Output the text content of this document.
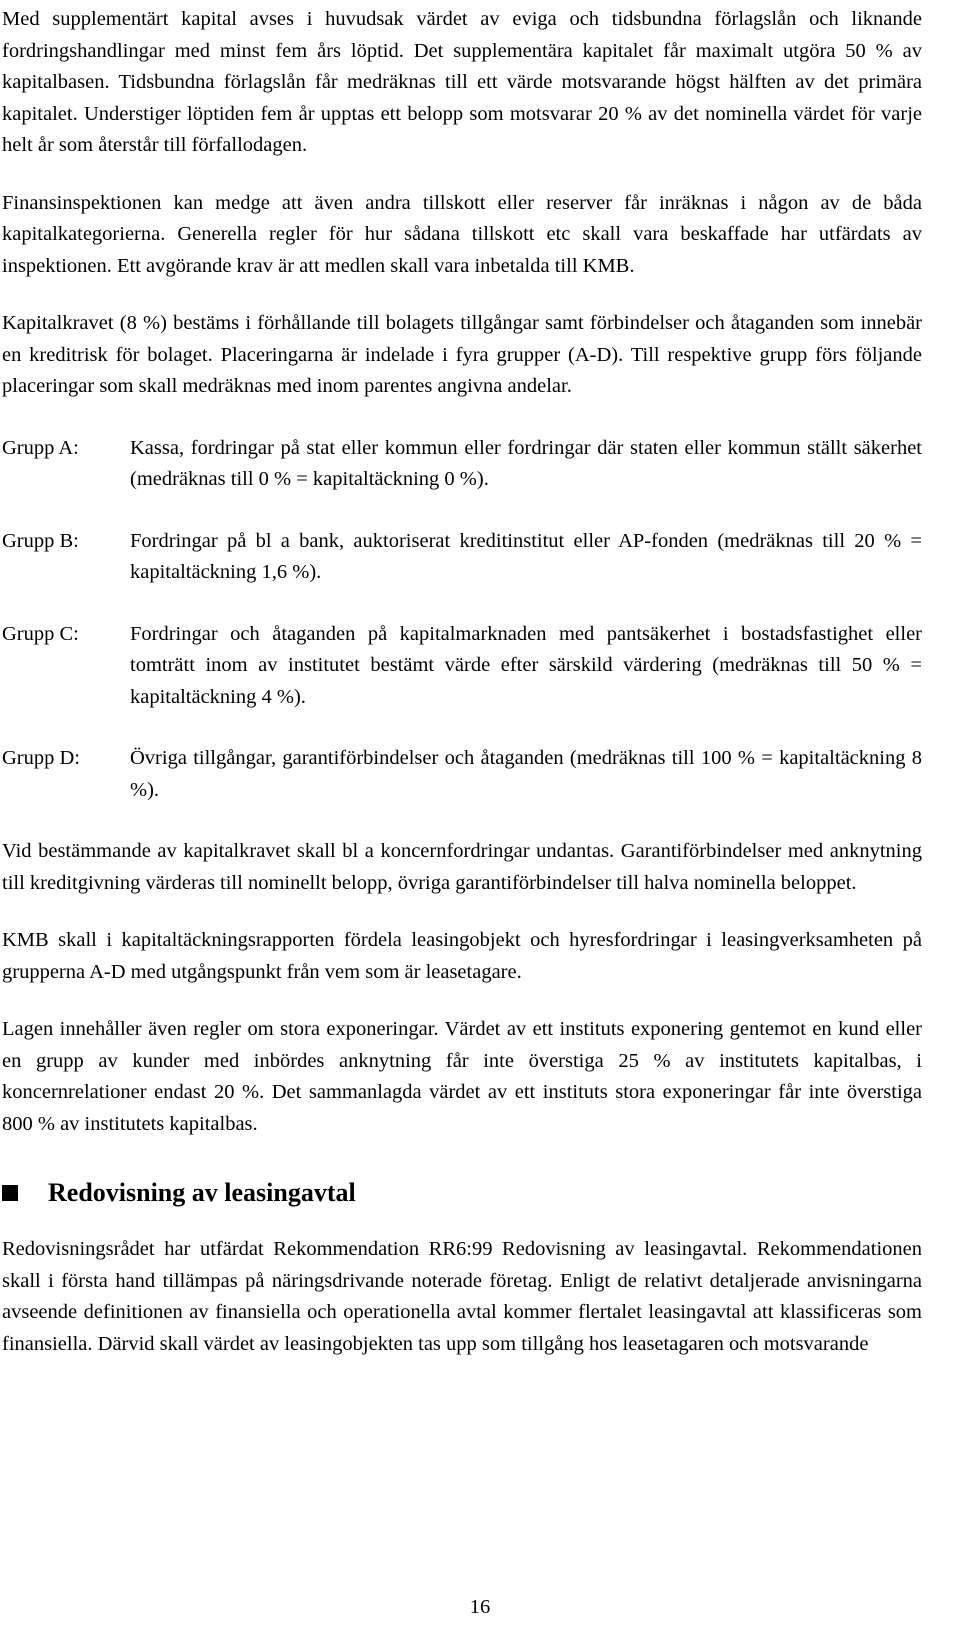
Med supplementärt kapital avses i huvudsak värdet av eviga och tidsbundna förlagslån och liknande fordringshandlingar med minst fem års löptid. Det supplementära kapitalet får maximalt utgöra 50 % av kapitalbasen. Tidsbundna förlagslån får medräknas till ett värde motsvarande högst hälften av det primära kapitalet. Understiger löptiden fem år upptas ett belopp som motsvarar 20 % av det nominella värdet för varje helt år som återstår till förfallodagen.

Finansinspektionen kan medge att även andra tillskott eller reserver får inräknas i någon av de båda kapitalkategorierna. Generella regler för hur sådana tillskott etc skall vara beskaffade har utfärdats av inspektionen. Ett avgörande krav är att medlen skall vara inbetalda till KMB.

Kapitalkravet (8 %) bestäms i förhållande till bolagets tillgångar samt förbindelser och åtaganden som innebär en kreditrisk för bolaget. Placeringarna är indelade i fyra grupper (A-D). Till respektive grupp förs följande placeringar som skall medräknas med inom parentes angivna andelar.

Grupp A:	Kassa, fordringar på stat eller kommun eller fordringar där staten eller kommun ställt säkerhet (medräknas till 0 % = kapitaltäckning 0 %).
Grupp B:	Fordringar på bl a bank, auktoriserat kreditinstitut eller AP-fonden (medräknas till 20 % = kapitaltäckning 1,6 %).
Grupp C:	Fordringar och åtaganden på kapitalmarknaden med pantsäkerhet i bostadsfastighet eller tomträtt inom av institutet bestämt värde efter särskild värdering (medräknas till 50 % = kapitaltäckning 4 %).
Grupp D:	Övriga tillgångar, garantiförbindelser och åtaganden (medräknas till 100 % = kapitaltäckning 8 %).

Vid bestämmande av kapitalkravet skall bl a koncernfordringar undantas. Garantiförbindelser med anknytning till kreditgivning värderas till nominellt belopp, övriga garantiförbindelser till halva nominella beloppet.

KMB skall i kapitaltäckningsrapporten fördela leasingobjekt och hyresfordringar i leasingverksamheten på grupperna A-D med utgångspunkt från vem som är leasetagare.

Lagen innehåller även regler om stora exponeringar. Värdet av ett instituts exponering gentemot en kund eller en grupp av kunder med inbördes anknytning får inte överstiga 25 % av institutets kapitalbas, i koncernrelationer endast 20 %. Det sammanlagda värdet av ett instituts stora exponeringar får inte överstiga 800 % av institutets kapitalbas.

Redovisning av leasingavtal

Redovisningsrådet har utfärdat Rekommendation RR6:99 Redovisning av leasingavtal. Rekommendationen skall i första hand tillämpas på näringsdrivande noterade företag. Enligt de relativt detaljerade anvisningarna avseende definitionen av finansiella och operationella avtal kommer flertalet leasingavtal att klassificeras som finansiella. Därvid skall värdet av leasingobjekten tas upp som tillgång hos leasetagaren och motsvarande

16
